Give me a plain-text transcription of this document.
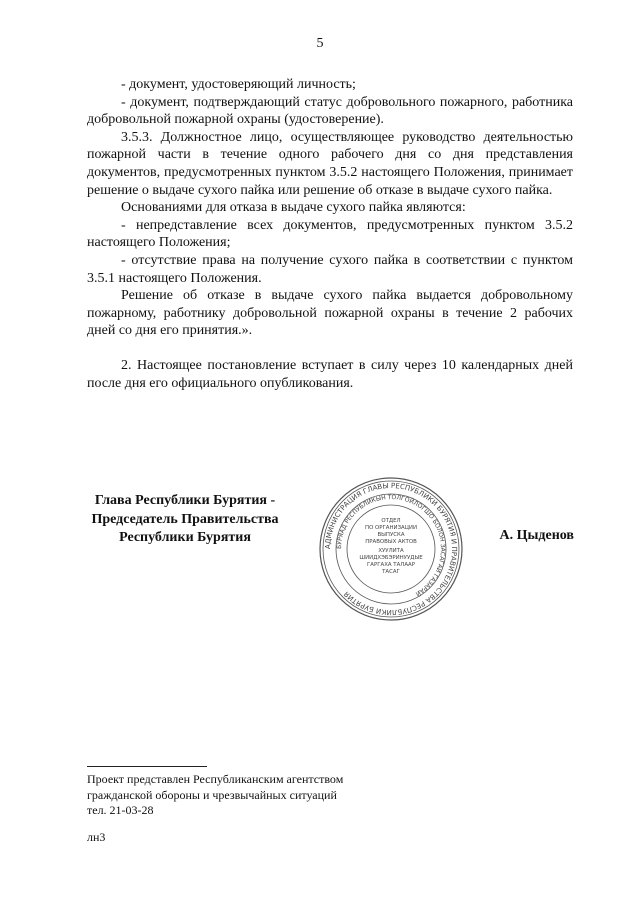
5

- документ, удостоверяющий личность;

- документ, подтверждающий статус добровольного пожарного, работника добровольной пожарной охраны (удостоверение).

3.5.3. Должностное лицо, осуществляющее руководство деятельностью пожарной части в течение одного рабочего дня со дня представления документов, предусмотренных пунктом 3.5.2 настоящего Положения, принимает решение о выдаче сухого пайка или решение об отказе в выдаче сухого пайка.

Основаниями для отказа в выдаче сухого пайка являются:

- непредставление всех документов, предусмотренных пунктом 3.5.2 настоящего Положения;

- отсутствие права на получение сухого пайка в соответствии с пунктом 3.5.1 настоящего Положения.

Решение об отказе в выдаче сухого пайка выдается добровольному пожарному, работнику добровольной пожарной охраны в течение 2 рабочих дней со дня его принятия.».

2. Настоящее постановление вступает в силу через 10 календарных дней после дня его официального опубликования.

Глава Республики Бурятия -
Председатель Правительства
Республики Бурятия
АДМИНИСТРАЦИЯ ГЛАВЫ РЕСПУБЛИКИ БУРЯТИЯ И ПРАВИТЕЛЬСТВА РЕСПУБЛИКИ БУРЯТИЯ
БУРЯАД РЕСПУБЛИКЫН ТОЛГОЙЛОГШО БОЛОН ЗАСАГАЙ ГАЗАРАЙ
ОТДЕЛ
ПО ОРГАНИЗАЦИИ
ВЫПУСКА
ПРАВОВЫХ АКТОВ
ХУУЛИТА
ШИИДХЭБЭРИНУУДЫЕ
ГАРГАХА ТАЛААР
ТАСАГ
А. Цыденов
Проект представлен Республиканским агентством
гражданской обороны и чрезвычайных ситуаций
тел. 21-03-28
лн3
